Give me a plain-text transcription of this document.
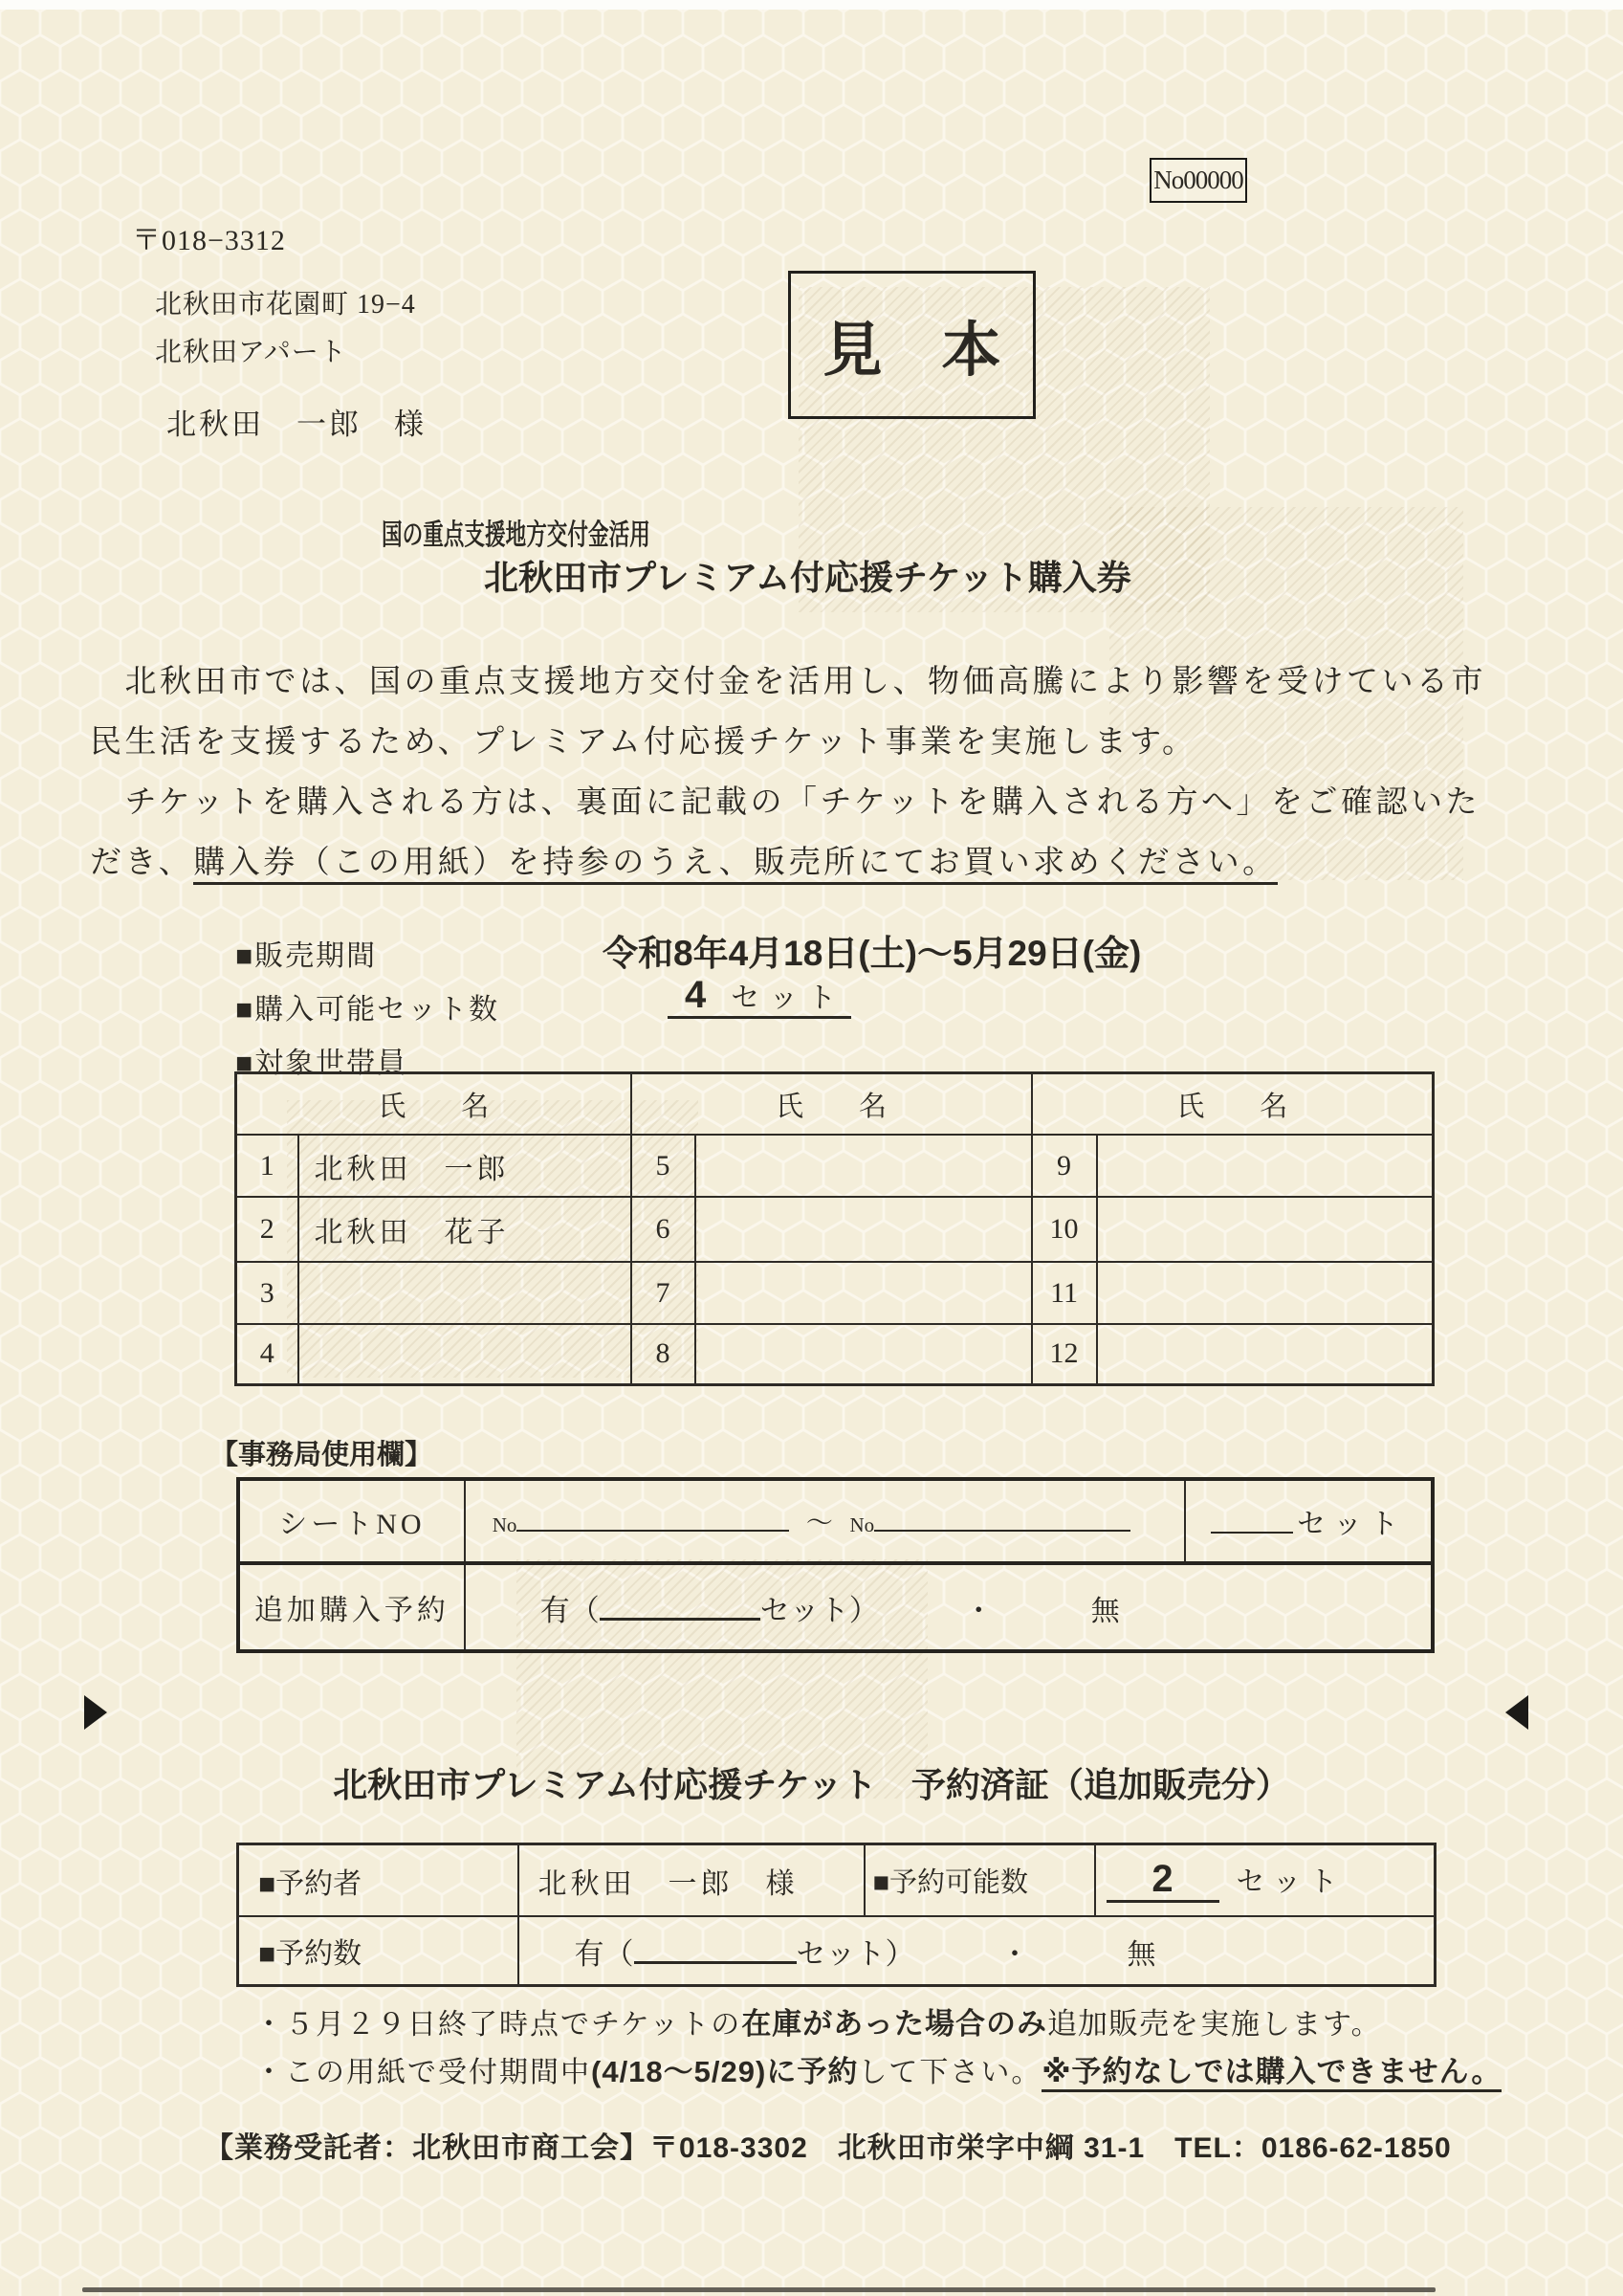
No00000
〒018−3312
北秋田市花園町 19−4
北秋田アパート
北秋田　一郎　様
見　本
国の重点支援地方交付金活用
北秋田市プレミアム付応援チケット購入券
　北秋田市では、国の重点支援地方交付金を活用し、物価高騰により影響を受けている市
民生活を支援するため、プレミアム付応援チケット事業を実施します。
　チケットを購入される方は、裏面に記載の「チケットを購入される方へ」をご確認いた
だき、購入券（この用紙）を持参のうえ、販売所にてお買い求めください。
■販売期間	令和8年4月18日(土)～5月29日(金)
■購入可能セット数	4 セット
■対象世帯員
氏　　名		氏　　名		氏　　名	
1	北秋田　一郎	5		9	
2	北秋田　花子	6		10	
3		7		11	
4		8		12	
【事務局使用欄】
シートNO	No ～ No	セット
追加購入予約	有（ セット） ・ 無	
北秋田市プレミアム付応援チケット　予約済証（追加販売分）
■予約者	北秋田　一郎　様	■予約可能数	2 セット
■予約数	有（ セット） ・ 無		
・５月２９日終了時点でチケットの在庫があった場合のみ追加販売を実施します。
・この用紙で受付期間中(4/18～5/29)に予約して下さい。※予約なしでは購入できません。
【業務受託者：北秋田市商工会】〒018-3302　北秋田市栄字中綱 31-1　TEL：0186-62-1850
